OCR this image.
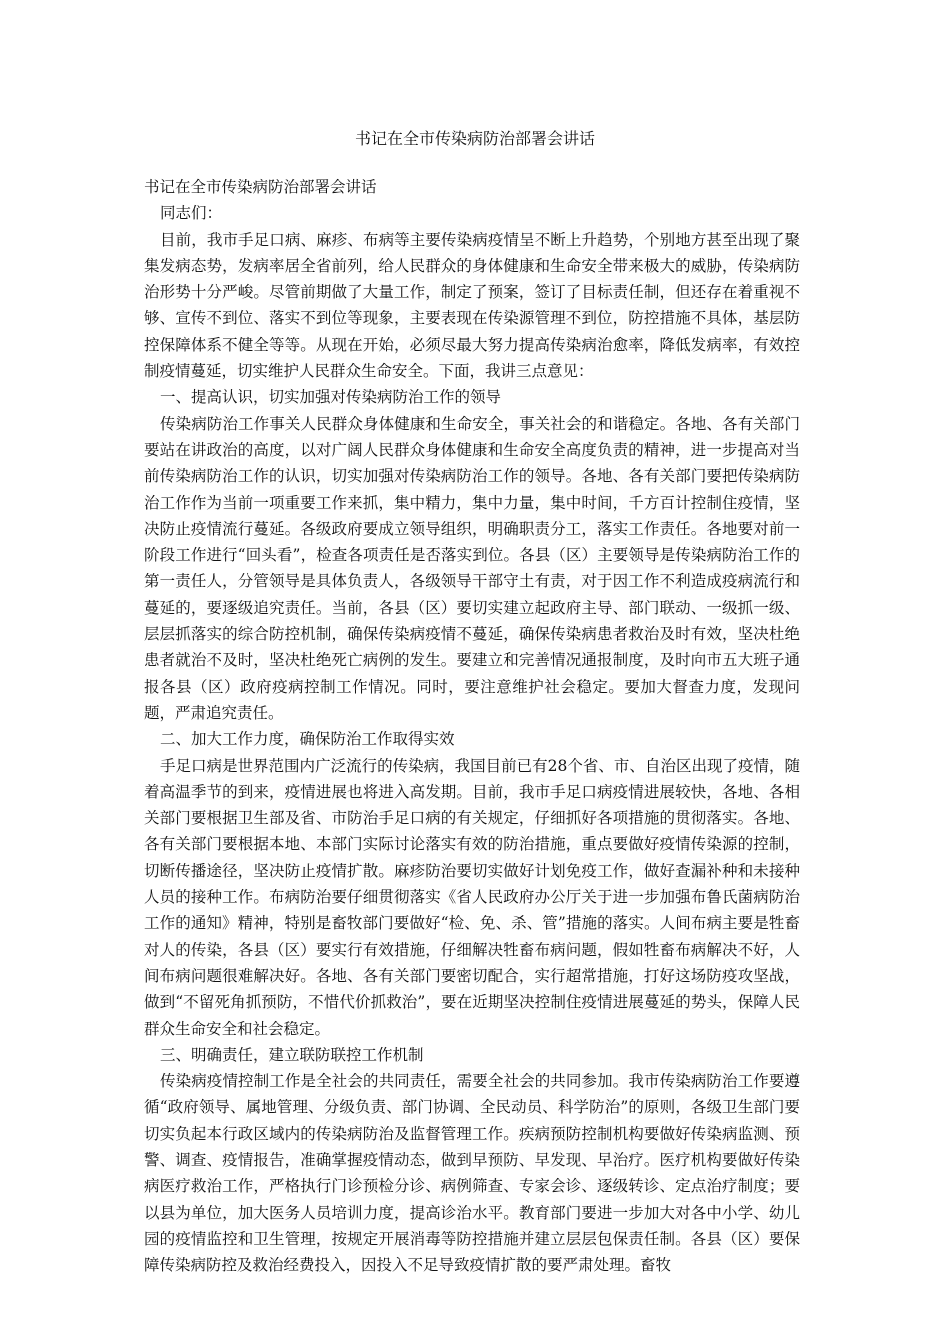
书记在全市传染病防治部署会讲话

书记在全市传染病防治部署会讲话

同志们：

目前，我市手足口病、麻疹、布病等主要传染病疫情呈不断上升趋势，个别地方甚至出现了聚集发病态势，发病率居全省前列，给人民群众的身体健康和生命安全带来极大的威胁，传染病防治形势十分严峻。尽管前期做了大量工作，制定了预案，签订了目标责任制，但还存在着重视不够、宣传不到位、落实不到位等现象，主要表现在传染源管理不到位，防控措施不具体，基层防控保障体系不健全等等。从现在开始，必须尽最大努力提高传染病治愈率，降低发病率，有效控制疫情蔓延，切实维护人民群众生命安全。下面，我讲三点意见：

一、提高认识，切实加强对传染病防治工作的领导

传染病防治工作事关人民群众身体健康和生命安全，事关社会的和谐稳定。各地、各有关部门要站在讲政治的高度，以对广阔人民群众身体健康和生命安全高度负责的精神，进一步提高对当前传染病防治工作的认识，切实加强对传染病防治工作的领导。各地、各有关部门要把传染病防治工作作为当前一项重要工作来抓，集中精力，集中力量，集中时间，千方百计控制住疫情，坚决防止疫情流行蔓延。各级政府要成立领导组织，明确职责分工，落实工作责任。各地要对前一阶段工作进行“回头看”，检查各项责任是否落实到位。各县（区）主要领导是传染病防治工作的第一责任人，分管领导是具体负责人，各级领导干部守土有责，对于因工作不利造成疫病流行和蔓延的，要逐级追究责任。当前，各县（区）要切实建立起政府主导、部门联动、一级抓一级、层层抓落实的综合防控机制，确保传染病疫情不蔓延，确保传染病患者救治及时有效，坚决杜绝患者就治不及时，坚决杜绝死亡病例的发生。要建立和完善情况通报制度，及时向市五大班子通报各县（区）政府疫病控制工作情况。同时，要注意维护社会稳定。要加大督查力度，发现问题，严肃追究责任。

二、加大工作力度，确保防治工作取得实效

手足口病是世界范围内广泛流行的传染病，我国目前已有28个省、市、自治区出现了疫情，随着高温季节的到来，疫情进展也将进入高发期。目前，我市手足口病疫情进展较快，各地、各相关部门要根据卫生部及省、市防治手足口病的有关规定，仔细抓好各项措施的贯彻落实。各地、各有关部门要根据本地、本部门实际讨论落实有效的防治措施，重点要做好疫情传染源的控制，切断传播途径，坚决防止疫情扩散。麻疹防治要切实做好计划免疫工作，做好查漏补种和未接种人员的接种工作。布病防治要仔细贯彻落实《省人民政府办公厅关于进一步加强布鲁氏菌病防治工作的通知》精神，特别是畜牧部门要做好“检、免、杀、管”措施的落实。人间布病主要是牲畜对人的传染，各县（区）要实行有效措施，仔细解决牲畜布病问题，假如牲畜布病解决不好，人间布病问题很难解决好。各地、各有关部门要密切配合，实行超常措施，打好这场防疫攻坚战，做到“不留死角抓预防，不惜代价抓救治”，要在近期坚决控制住疫情进展蔓延的势头，保障人民群众生命安全和社会稳定。

三、明确责任，建立联防联控工作机制

传染病疫情控制工作是全社会的共同责任，需要全社会的共同参加。我市传染病防治工作要遵循“政府领导、属地管理、分级负责、部门协调、全民动员、科学防治”的原则，各级卫生部门要切实负起本行政区域内的传染病防治及监督管理工作。疾病预防控制机构要做好传染病监测、预警、调查、疫情报告，准确掌握疫情动态，做到早预防、早发现、早治疗。医疗机构要做好传染病医疗救治工作，严格执行门诊预检分诊、病例筛查、专家会诊、逐级转诊、定点治疗制度；要以县为单位，加大医务人员培训力度，提高诊治水平。教育部门要进一步加大对各中小学、幼儿园的疫情监控和卫生管理，按规定开展消毒等防控措施并建立层层包保责任制。各县（区）要保障传染病防控及救治经费投入，因投入不足导致疫情扩散的要严肃处理。畜牧
